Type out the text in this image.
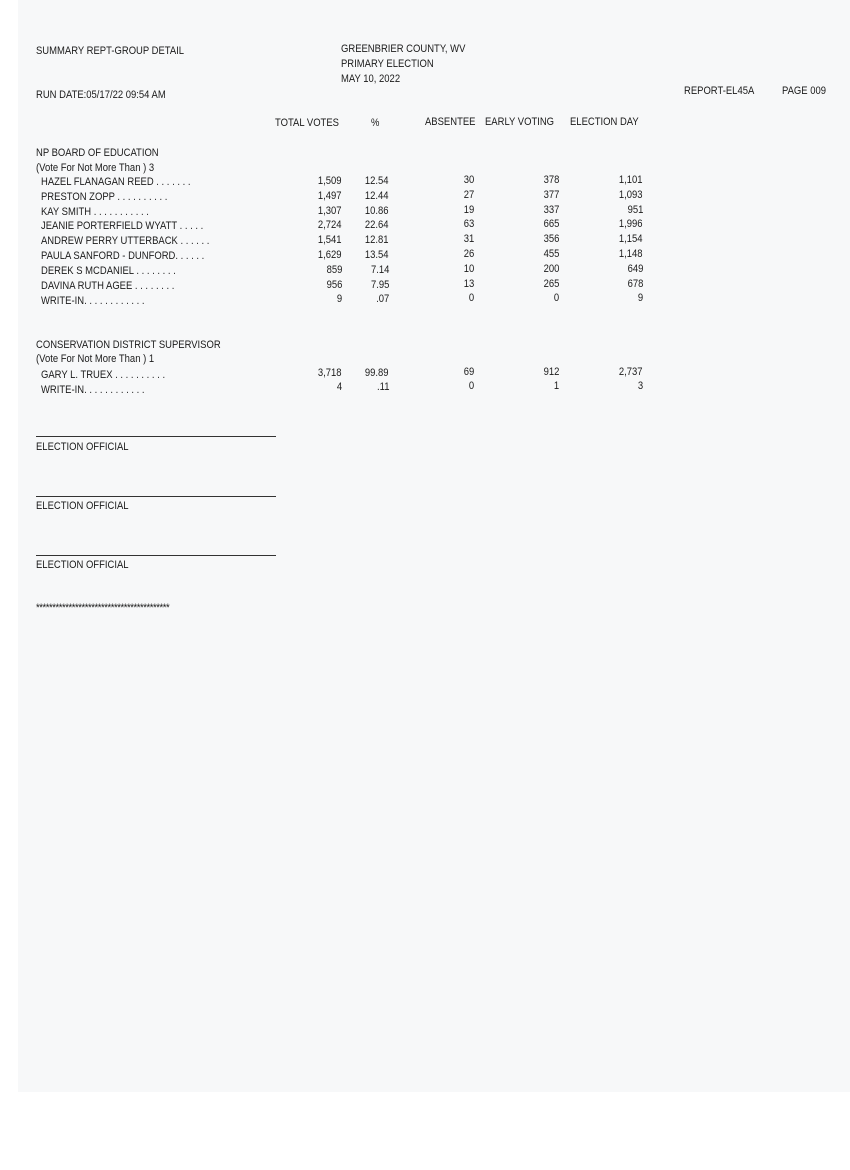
SUMMARY REPT-GROUP DETAIL	GREENBRIER COUNTY, WV
PRIMARY ELECTION
MAY 10, 2022
RUN DATE:05/17/22 09:54 AM	REPORT-EL45A	PAGE 009
TOTAL VOTES	%	ABSENTEE EARLY VOTING ELECTION DAY
NP BOARD OF EDUCATION
(Vote For Not More Than ) 3
HAZEL FLANAGAN REED . . . . . . .	1,509 12.54	30	378	1,101
PRESTON ZOPP . . . . . . . . . .	1,497 12.44	27	377	1,093
KAY SMITH . . . . . . . . . . .	1,307 10.86	19	337	951
JEANIE PORTERFIELD WYATT . . . . .	2,724 22.64	63	665	1,996
ANDREW PERRY UTTERBACK . . . . . .	1,541 12.81	31	356	1,154
PAULA SANFORD - DUNFORD. . . . . .	1,629 13.54	26	455	1,148
DEREK S MCDANIEL . . . . . . . .	859	7.14	10	200	649
DAVINA RUTH AGEE . . . . . . . .	956	7.95	13	265	678
WRITE-IN. . . . . . . . . . . .	9	.07	0	0	9
CONSERVATION DISTRICT SUPERVISOR
(Vote For Not More Than ) 1
GARY L. TRUEX . . . . . . . . . .	3,718 99.89	69	912	2,737
WRITE-IN. . . . . . . . . . . .	4	.11	0	1	3
ELECTION OFFICIAL
ELECTION OFFICIAL
ELECTION OFFICIAL
*****************************************
